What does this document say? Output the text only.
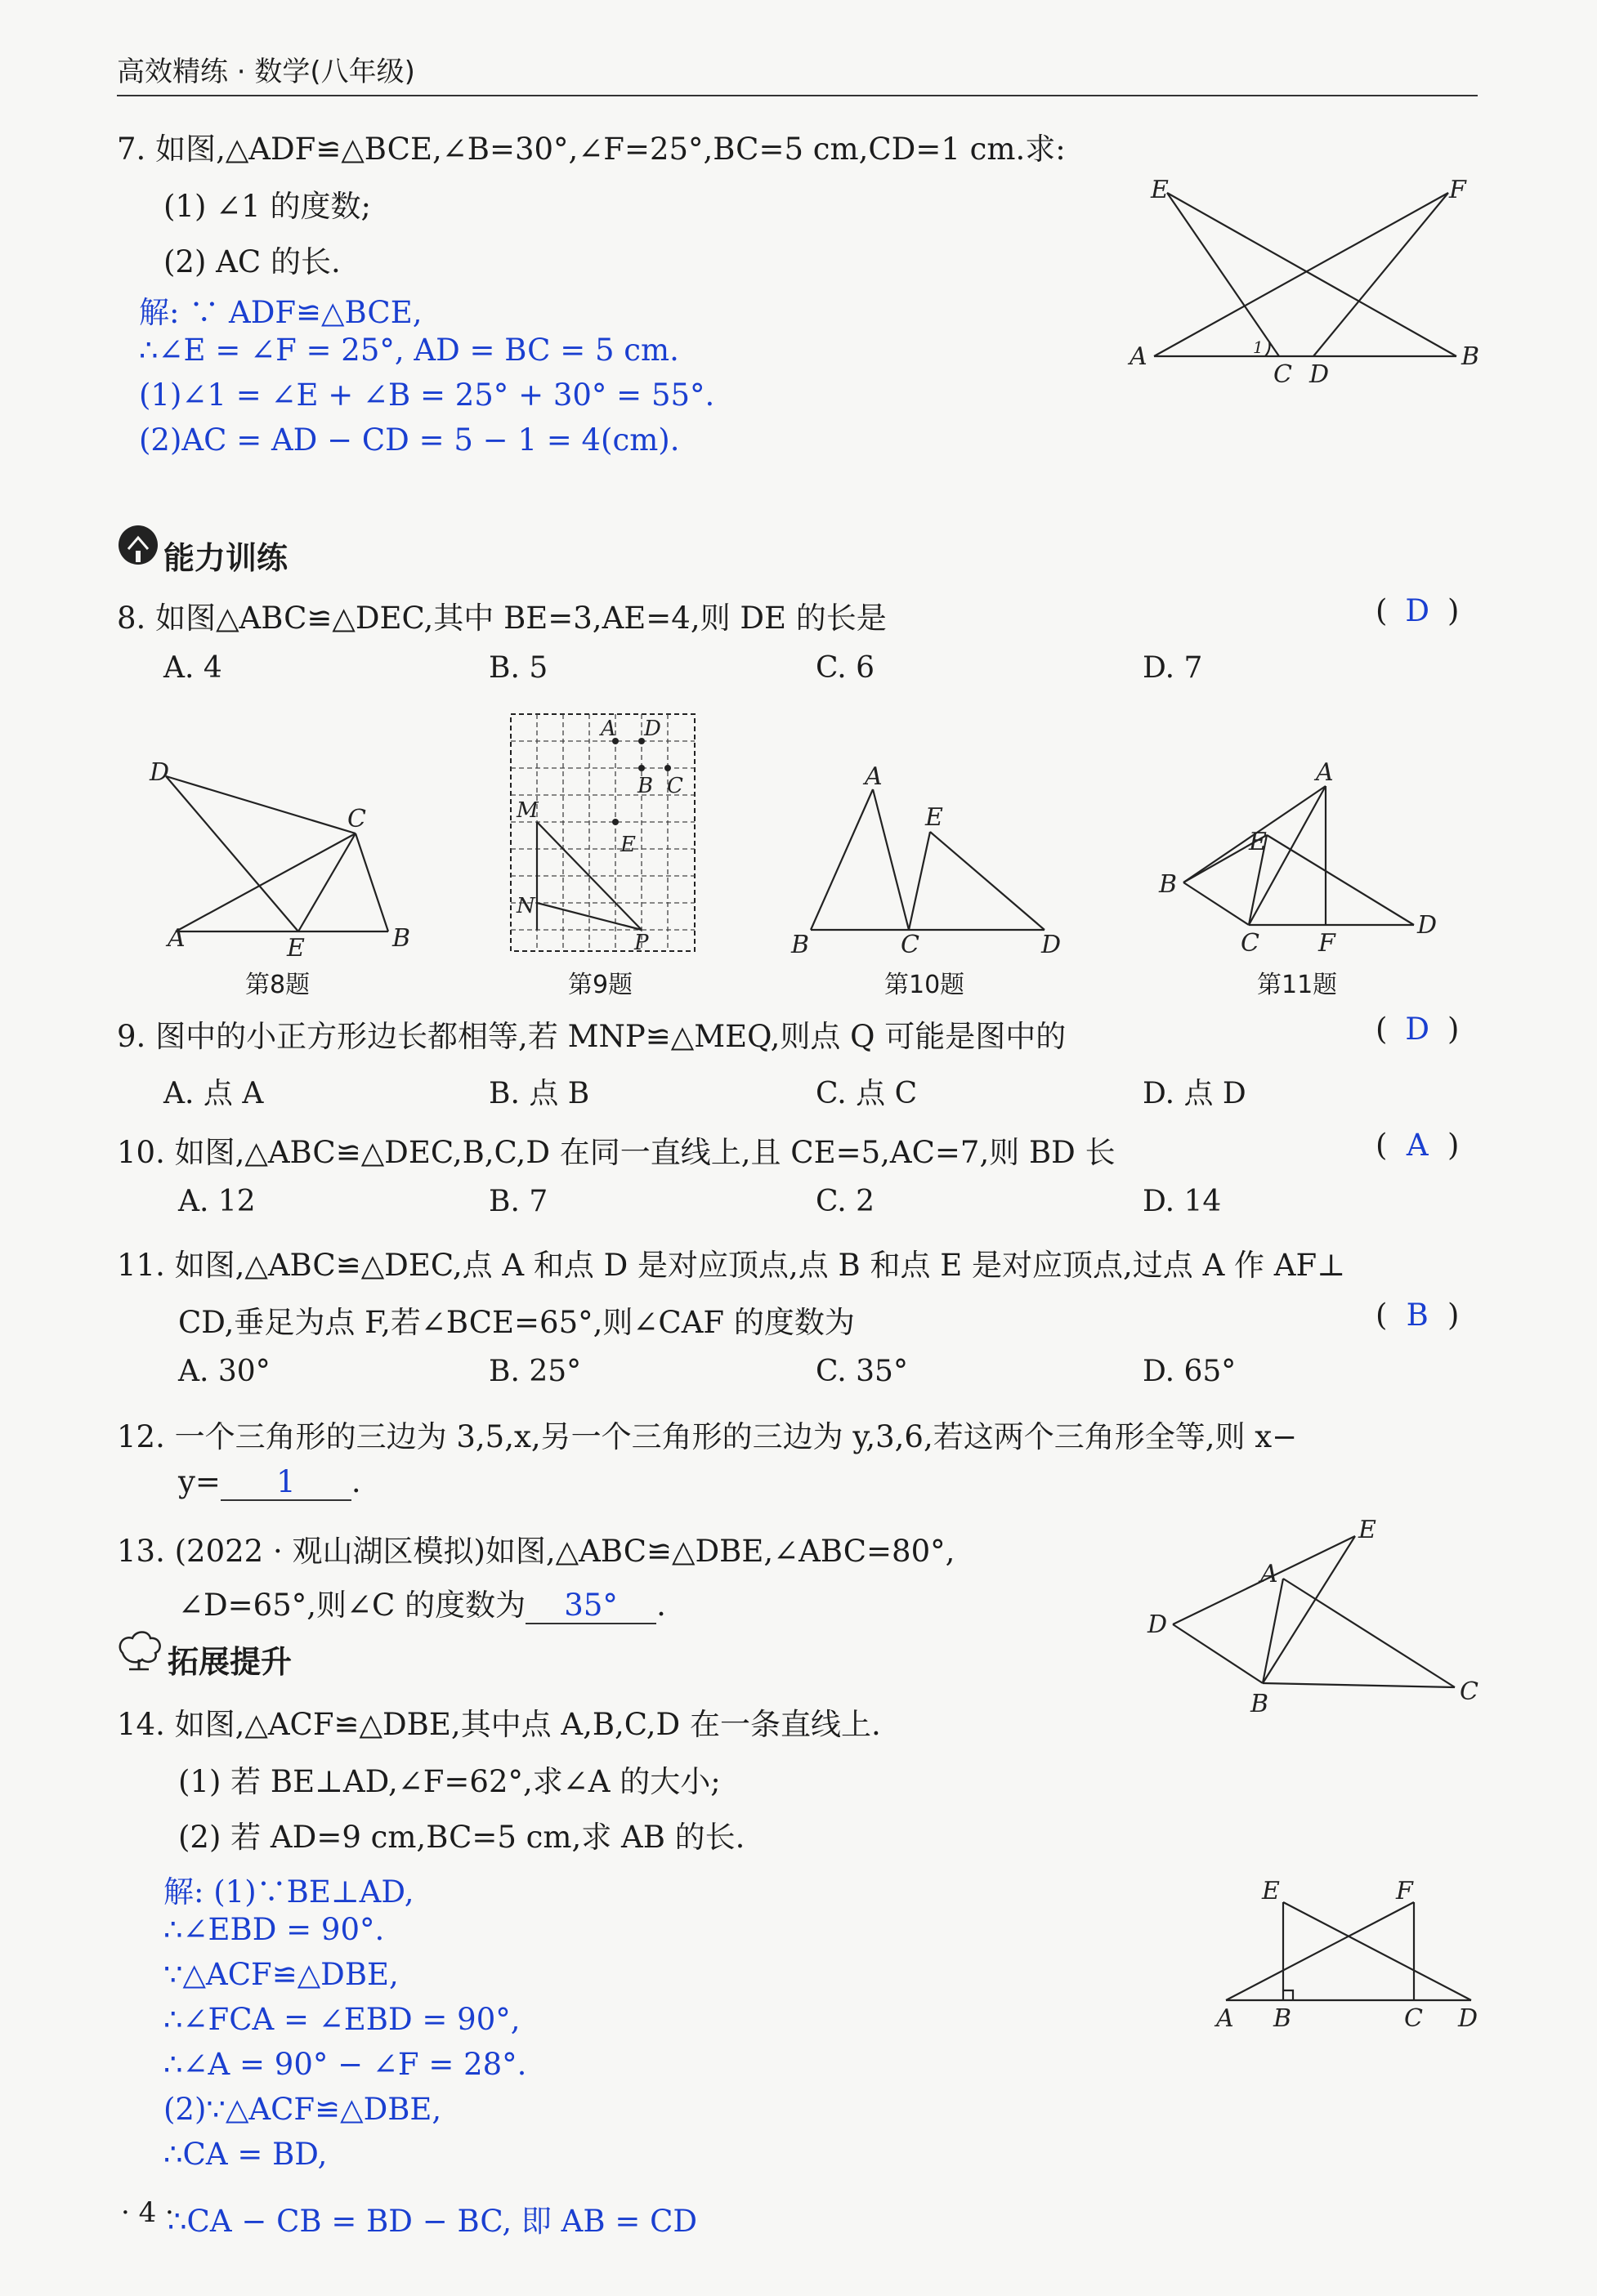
高效精练 · 数学(八年级)
7. 如图,△ADF≌△BCE,∠B=30°,∠F=25°,BC=5 cm,CD=1 cm.求:
(1) ∠1 的度数;
(2) AC 的长.
解: ∵ ADF≌△BCE,
∴∠E = ∠F = 25°, AD = BC = 5 cm.
(1)∠1 = ∠E + ∠B = 25° + 30° = 55°.
(2)AC = AD − CD = 5 − 1 = 4(cm).
E	F
A
C D
B
1
能力训练
8. 如图△ABC≌△DEC,其中 BE=3,AE=4,则 DE 的长是	( D )
A. 4	B. 5	C. 6	D. 7
D
C
A	E	B
第8题
A D
B C
M
E
N
P
第9题
A
E
B	C	D
第10题
A
E
B
C F
D
第11题
9. 图中的小正方形边长都相等,若 MNP≌△MEQ,则点 Q 可能是图中的	( D )
A. 点 A	B. 点 B	C. 点 C	D. 点 D
10. 如图,△ABC≌△DEC,B,C,D 在同一直线上,且 CE=5,AC=7,则 BD 长	( A )
A. 12	B. 7	C. 2	D. 14
11. 如图,△ABC≌△DEC,点 A 和点 D 是对应顶点,点 B 和点 E 是对应顶点,过点 A 作 AF⊥
CD,垂足为点 F,若∠BCE=65°,则∠CAF 的度数为	( B )
A. 30°	B. 25°	C. 35°	D. 65°
12. 一个三角形的三边为 3,5,x,另一个三角形的三边为 y,3,6,若这两个三角形全等,则 x−
y= 1 .
13. (2022 · 观山湖区模拟)如图,△ABC≌△DBE,∠ABC=80°,
∠D=65°,则∠C 的度数为 35° .
E
A
D
B	C
拓展提升
14. 如图,△ACF≌△DBE,其中点 A,B,C,D 在一条直线上.
(1) 若 BE⊥AD,∠F=62°,求∠A 的大小;
(2) 若 AD=9 cm,BC=5 cm,求 AB 的长.
解: (1)∵BE⊥AD,
∴∠EBD = 90°.
∵△ACF≌△DBE,
∴∠FCA = ∠EBD = 90°,
∴∠A = 90° − ∠F = 28°.
(2)∵△ACF≌△DBE,
∴CA = BD,
E	F
A B	C D
· 4 ·
∴CA − CB = BD − BC, 即 AB = CD
